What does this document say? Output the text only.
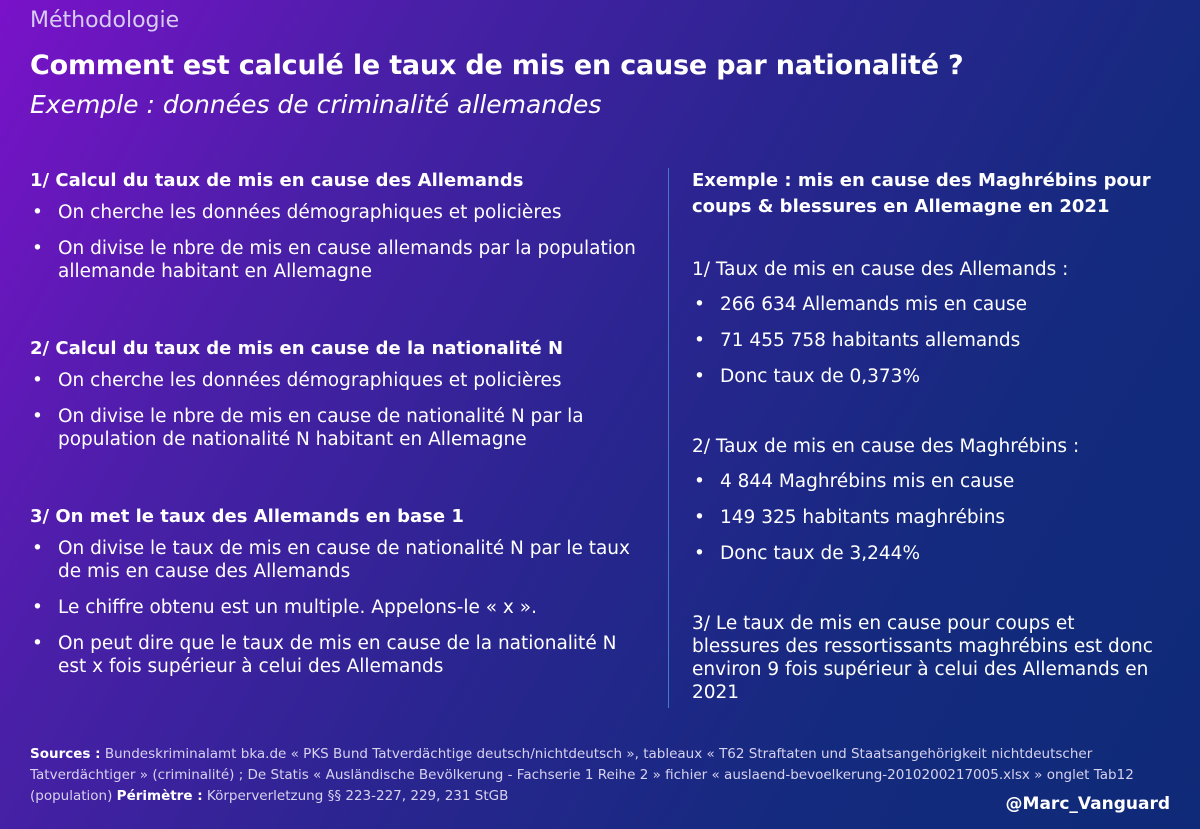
Méthodologie
Comment est calculé le taux de mis en cause par nationalité ?
Exemple : données de criminalité allemandes
1/ Calcul du taux de mis en cause des Allemands
• On cherche les données démographiques et policières
• On divise le nbre de mis en cause allemands par la population allemande habitant en Allemagne
2/ Calcul du taux de mis en cause de la nationalité N
• On cherche les données démographiques et policières
• On divise le nbre de mis en cause de nationalité N par la population de nationalité N habitant en Allemagne
3/ On met le taux des Allemands en base 1
• On divise le taux de mis en cause de nationalité N par le taux de mis en cause des Allemands
• Le chiffre obtenu est un multiple. Appelons-le « x ».
• On peut dire que le taux de mis en cause de la nationalité N est x fois supérieur à celui des Allemands
Exemple : mis en cause des Maghrébins pour coups & blessures en Allemagne en 2021
1/ Taux de mis en cause des Allemands :
• 266 634 Allemands mis en cause
• 71 455 758 habitants allemands
• Donc taux de 0,373%
2/ Taux de mis en cause des Maghrébins :
• 4 844 Maghrébins mis en cause
• 149 325 habitants maghrébins
• Donc taux de 3,244%
3/ Le taux de mis en cause pour coups et blessures des ressortissants maghrébins est donc environ 9 fois supérieur à celui des Allemands en 2021
Sources : Bundeskriminalamt bka.de « PKS Bund Tatverdächtige deutsch/nichtdeutsch », tableaux « T62 Straftaten und Staatsangehörigkeit nichtdeutscher Tatverdächtiger » (criminalité) ; De Statis « Ausländische Bevölkerung - Fachserie 1 Reihe 2 » fichier « auslaend-bevoelkerung-2010200217005.xlsx » onglet Tab12 (population) Périmètre : Körperverletzung §§ 223-227, 229, 231 StGB	@Marc_Vanguard
